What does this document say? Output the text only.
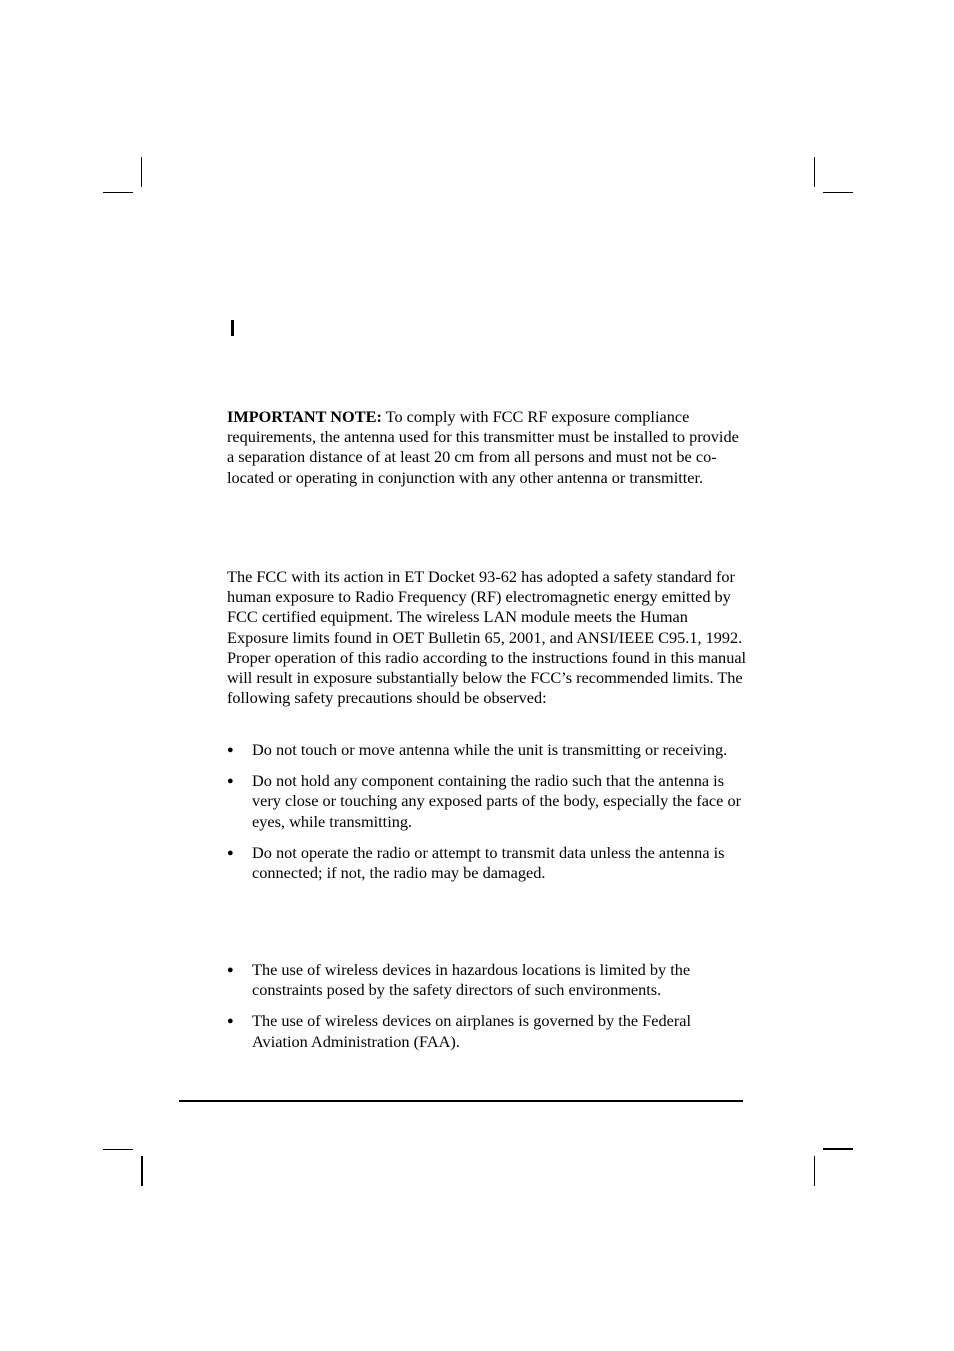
IMPORTANT NOTE: To comply with FCC RF exposure compliance requirements, the antenna used for this transmitter must be installed to provide a separation distance of at least 20 cm from all persons and must not be co-located or operating in conjunction with any other antenna or transmitter.

The FCC with its action in ET Docket 93-62 has adopted a safety standard for human exposure to Radio Frequency (RF) electromagnetic energy emitted by FCC certified equipment. The wireless LAN module meets the Human Exposure limits found in OET Bulletin 65, 2001, and ANSI/IEEE C95.1, 1992. Proper operation of this radio according to the instructions found in this manual will result in exposure substantially below the FCC’s recommended limits. The following safety precautions should be observed:

● Do not touch or move antenna while the unit is transmitting or receiving.
● Do not hold any component containing the radio such that the antenna is very close or touching any exposed parts of the body, especially the face or eyes, while transmitting.
● Do not operate the radio or attempt to transmit data unless the antenna is connected; if not, the radio may be damaged.
● The use of wireless devices in hazardous locations is limited by the constraints posed by the safety directors of such environments.
● The use of wireless devices on airplanes is governed by the Federal Aviation Administration (FAA).
